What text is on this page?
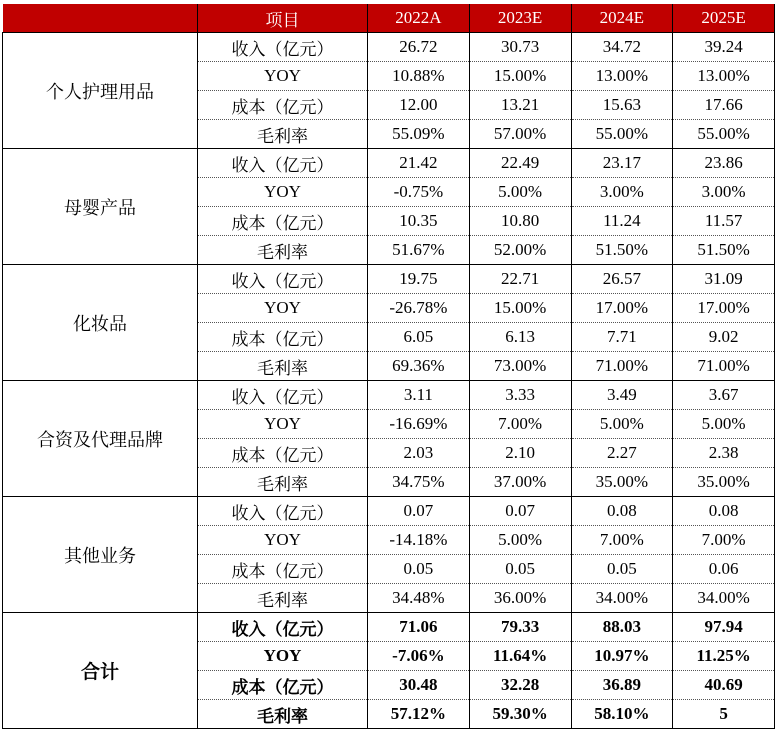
	项目	2022A	2023E	2024E	2025E
个人护理用品	收入（亿元）	26.72	30.73	34.72	39.24
	YOY	10.88%	15.00%	13.00%	13.00%
	成本（亿元）	12.00	13.21	15.63	17.66
	毛利率	55.09%	57.00%	55.00%	55.00%
母婴产品	收入（亿元）	21.42	22.49	23.17	23.86
	YOY	-0.75%	5.00%	3.00%	3.00%
	成本（亿元）	10.35	10.80	11.24	11.57
	毛利率	51.67%	52.00%	51.50%	51.50%
化妆品	收入（亿元）	19.75	22.71	26.57	31.09
	YOY	-26.78%	15.00%	17.00%	17.00%
	成本（亿元）	6.05	6.13	7.71	9.02
	毛利率	69.36%	73.00%	71.00%	71.00%
合资及代理品牌	收入（亿元）	3.11	3.33	3.49	3.67
	YOY	-16.69%	7.00%	5.00%	5.00%
	成本（亿元）	2.03	2.10	2.27	2.38
	毛利率	34.75%	37.00%	35.00%	35.00%
其他业务	收入（亿元）	0.07	0.07	0.08	0.08
	YOY	-14.18%	5.00%	7.00%	7.00%
	成本（亿元）	0.05	0.05	0.05	0.06
	毛利率	34.48%	36.00%	34.00%	34.00%
合计	收入（亿元）	71.06	79.33	88.03	97.94
	YOY	-7.06%	11.64%	10.97%	11.25%
	成本（亿元）	30.48	32.28	36.89	40.69
	毛利率	57.12%	59.30%	58.10%	5
